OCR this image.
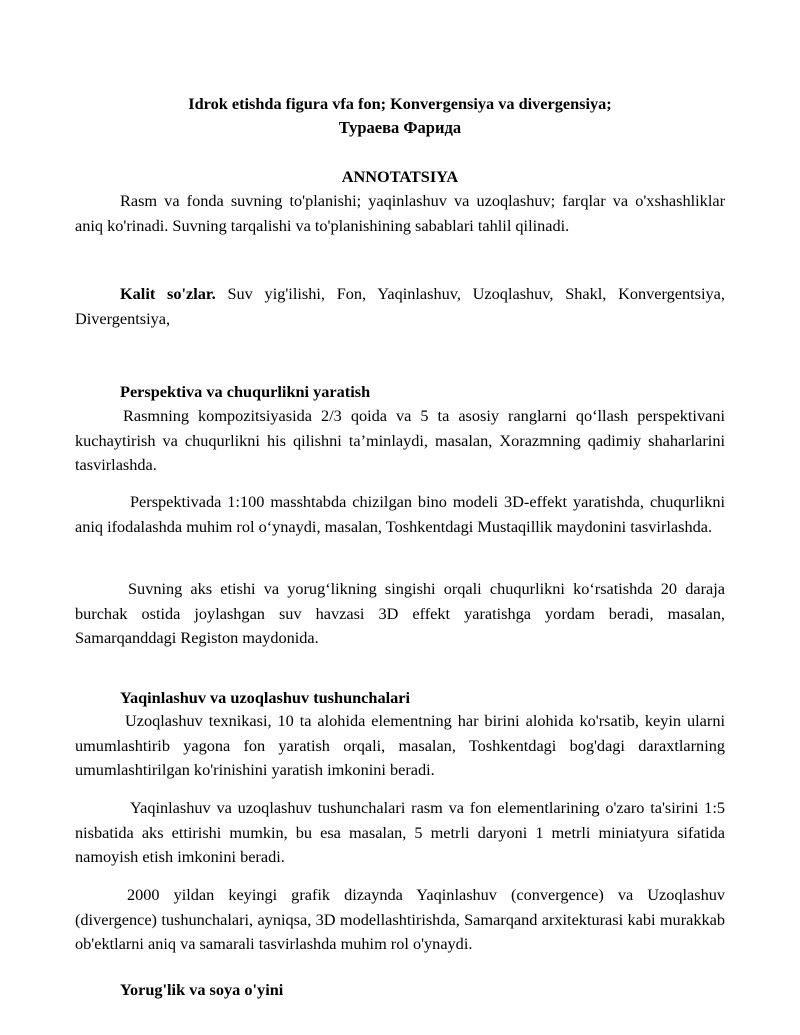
Idrok etishda figura vfa fon; Konvergensiya va divergensiya;
Тураева Фарида
ANNOTATSIYA
Rasm va fonda suvning to'planishi; yaqinlashuv va uzoqlashuv; farqlar va o'xshashliklar aniq ko'rinadi. Suvning tarqalishi va to'planishining sabablari tahlil qilinadi.
Kalit so'zlar. Suv yig'ilishi, Fon, Yaqinlashuv, Uzoqlashuv, Shakl, Konvergentsiya, Divergentsiya,
Perspektiva va chuqurlikni yaratish
Rasmning kompozitsiyasida 2/3 qoida va 5 ta asosiy ranglarni qo‘llash perspektivani kuchaytirish va chuqurlikni his qilishni ta’minlaydi, masalan, Xorazmning qadimiy shaharlarini tasvirlashda.
Perspektivada 1:100 masshtabda chizilgan bino modeli 3D-effekt yaratishda, chuqurlikni aniq ifodalashda muhim rol o‘ynaydi, masalan, Toshkentdagi Mustaqillik maydonini tasvirlashda.
Suvning aks etishi va yorug‘likning singishi orqali chuqurlikni ko‘rsatishda 20 daraja burchak ostida joylashgan suv havzasi 3D effekt yaratishga yordam beradi, masalan, Samarqanddagi Registon maydonida.
Yaqinlashuv va uzoqlashuv tushunchalari
Uzoqlashuv texnikasi, 10 ta alohida elementning har birini alohida ko'rsatib, keyin ularni umumlashtirib yagona fon yaratish orqali, masalan, Toshkentdagi bog'dagi daraxtlarning umumlashtirilgan ko'rinishini yaratish imkonini beradi.
Yaqinlashuv va uzoqlashuv tushunchalari rasm va fon elementlarining o'zaro ta'sirini 1:5 nisbatida aks ettirishi mumkin, bu esa masalan, 5 metrli daryoni 1 metrli miniatyura sifatida namoyish etish imkonini beradi.
2000 yildan keyingi grafik dizaynda Yaqinlashuv (convergence) va Uzoqlashuv (divergence) tushunchalari, ayniqsa, 3D modellashtirishda, Samarqand arxitekturasi kabi murakkab ob'ektlarni aniq va samarali tasvirlashda muhim rol o'ynaydi.
Yorug'lik va soya o'yini
